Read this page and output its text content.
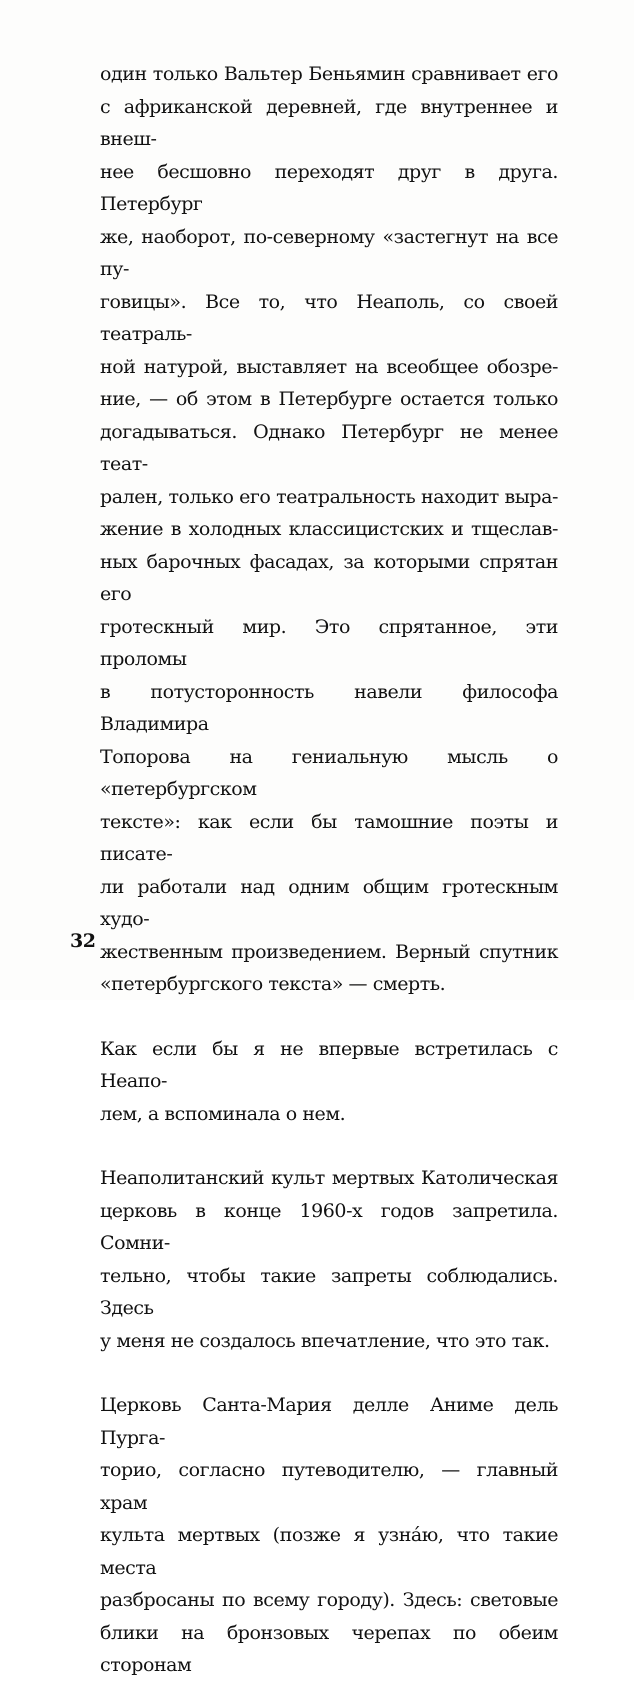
один только Вальтер Беньямин сравнивает его
с африканской деревней, где внутреннее и внеш-
нее бесшовно переходят друг в друга. Петербург
же, наоборот, по-северному «застегнут на все пу-
говицы». Все то, что Неаполь, со своей театраль-
ной натурой, выставляет на всеобщее обозре-
ние, — об этом в Петербурге остается только
догадываться. Однако Петербург не менее теат-
рален, только его театральность находит выра-
жение в холодных классицистских и тщеслав-
ных барочных фасадах, за которыми спрятан его
гротескный мир. Это спрятанное, эти проломы
в потусторонность навели философа Владимира
Топорова на гениальную мысль о «петербургском
тексте»: как если бы тамошние поэты и писате-
ли работали над одним общим гротескным худо-
жественным произведением. Верный спутник
«петербургского текста» — смерть.

Как если бы я не впервые встретилась с Неапо-
лем, а вспоминала о нем.

Неаполитанский культ мертвых Католическая
церковь в конце 1960-х годов запретила. Сомни-
тельно, чтобы такие запреты соблюдались. Здесь
у меня не создалось впечатление, что это так.

Церковь Санта-Мария делле Аниме дель Пурга-
торио, согласно путеводителю, — главный храм
культа мертвых (позже я узнáю, что такие места
разбросаны по всему городу). Здесь: световые
блики на бронзовых черепах по обеим сторонам

32
